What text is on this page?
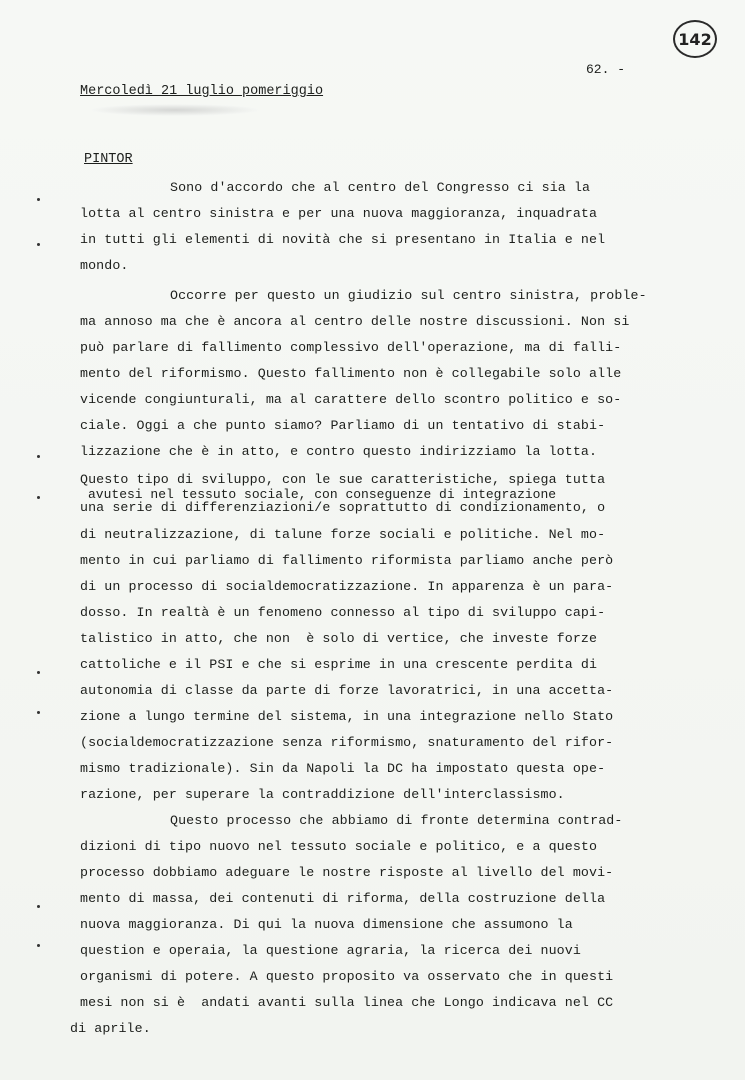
142
62. -
Mercoledì 21 luglio pomeriggio
PINTOR
Sono d'accordo che al centro del Congresso ci sia la
lotta al centro sinistra e per una nuova maggioranza, inquadrata
in tutti gli elementi di novità che si presentano in Italia e nel
mondo.
Occorre per questo un giudizio sul centro sinistra, proble-
ma annoso ma che è ancora al centro delle nostre discussioni. Non si
può parlare di fallimento complessivo dell'operazione, ma di falli-
mento del riformismo. Questo fallimento non è collegabile solo alle
vicende congiunturali, ma al carattere dello scontro politico e so-
ciale. Oggi a che punto siamo? Parliamo di un tentativo di stabi-
lizzazione che è in atto, e contro questo indirizziamo la lotta.
Questo tipo di sviluppo, con le sue caratteristiche, spiega tutta
avutesi nel tessuto sociale, con conseguenze di integrazione
una serie di differenziazioni/e soprattutto di condizionamento, o
di neutralizzazione, di talune forze sociali e politiche. Nel mo-
mento in cui parliamo di fallimento riformista parliamo anche però
di un processo di socialdemocratizzazione. In apparenza è un para-
dosso. In realtà è un fenomeno connesso al tipo di sviluppo capi-
talistico in atto, che non  è solo di vertice, che investe forze
cattoliche e il PSI e che si esprime in una crescente perdita di
autonomia di classe da parte di forze lavoratrici, in una accetta-
zione a lungo termine del sistema, in una integrazione nello Stato
(socialdemocratizzazione senza riformismo, snaturamento del rifor-
mismo tradizionale). Sin da Napoli la DC ha impostato questa ope-
razione, per superare la contraddizione dell'interclassismo.
Questo processo che abbiamo di fronte determina contrad-
dizioni di tipo nuovo nel tessuto sociale e politico, e a questo
processo dobbiamo adeguare le nostre risposte al livello del movi-
mento di massa, dei contenuti di riforma, della costruzione della
nuova maggioranza. Di qui la nuova dimensione che assumono la
question e operaia, la questione agraria, la ricerca dei nuovi
organismi di potere. A questo proposito va osservato che in questi
mesi non si è  andati avanti sulla linea che Longo indicava nel CC
di aprile.
